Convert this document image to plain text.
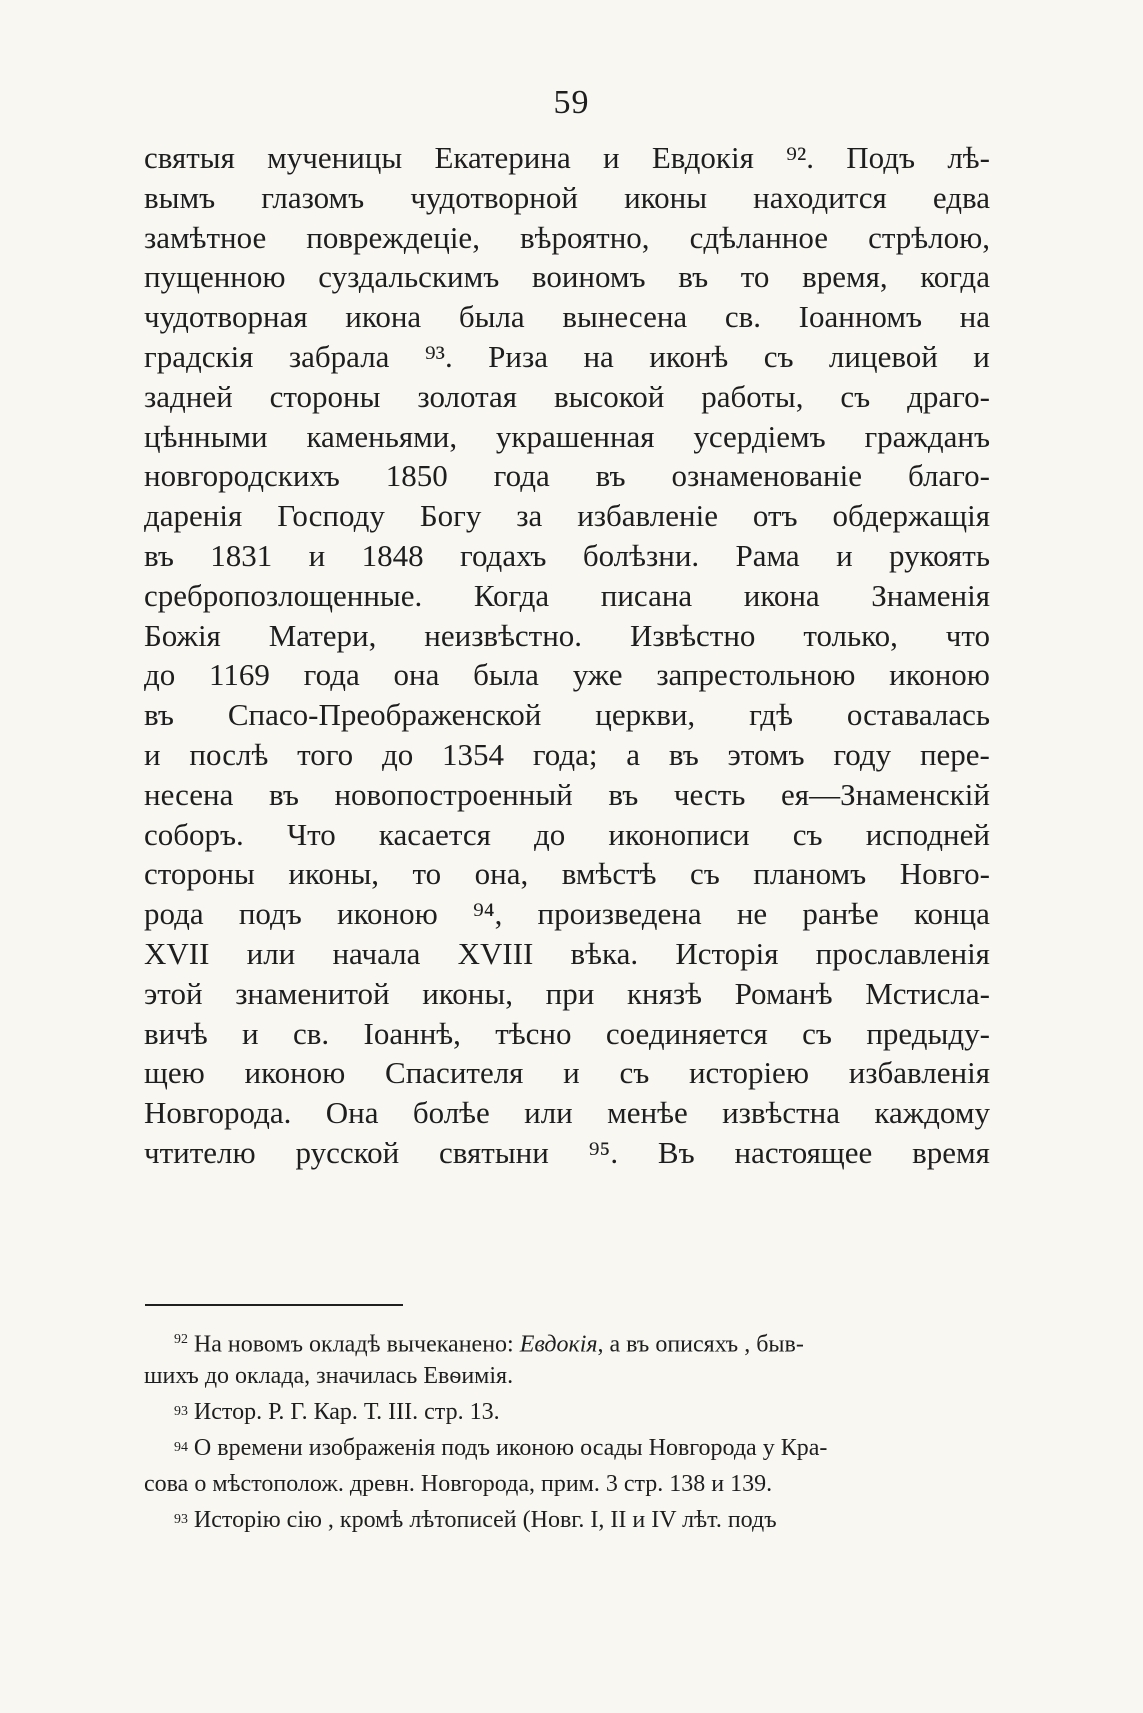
59
святыя мученицы Екатерина и Евдокія ⁹². Подъ лѣ-
вымъ глазомъ чудотворной иконы находится едва
замѣтное повреждеціе, вѣроятно, сдѣланное стрѣлою,
пущенною суздальскимъ воиномъ въ то время, когда
чудотворная икона была вынесена св. Іоанномъ на
градскія забрала ⁹³. Риза на иконѣ съ лицевой и
задней стороны золотая высокой работы, съ драго-
цѣнными каменьями, украшенная усердіемъ гражданъ
новгородскихъ 1850 года въ ознаменованіе благо-
даренія Господу Богу за избавленіе отъ обдержащія
въ 1831 и 1848 годахъ болѣзни. Рама и рукоять
сребропозлощенные. Когда писана икона Знаменія
Божія Матери, неизвѣстно. Извѣстно только, что
до 1169 года она была уже запрестольною иконою
въ Спасо-Преображенской церкви, гдѣ оставалась
и послѣ того до 1354 года; а въ этомъ году пере-
несена въ новопостроенный въ честь ея—Знаменскій
соборъ. Что касается до иконописи съ исподней
стороны иконы, то она, вмѣстѣ съ планомъ Новго-
рода подъ иконою ⁹⁴, произведена не ранѣе конца
XVII или начала XVIII вѣка. Исторія прославленія
этой знаменитой иконы, при князѣ Романѣ Мстисла-
вичѣ и св. Іоаннѣ, тѣсно соединяется съ предыду-
щею иконою Спасителя и съ исторіею избавленія
Новгорода. Она болѣе или менѣе извѣстна каждому
чтителю русской святыни ⁹⁵. Въ настоящее время
$^{92}$ На новомъ окладѣ вычеканено: Евдокія, а въ описяхъ , быв-
шихъ до оклада, значилась Евѳимія.
93 Истор. Р. Г. Кар. Т. III. стр. 13.
94 О времени изображенія подъ иконою осады Новгорода у Кра-
сова о мѣстополож. древн. Новгорода, прим. 3 стр. 138 и 139.
93 Исторію сію , кромѣ лѣтописей (Новг. I, II и IV лѣт. подъ
